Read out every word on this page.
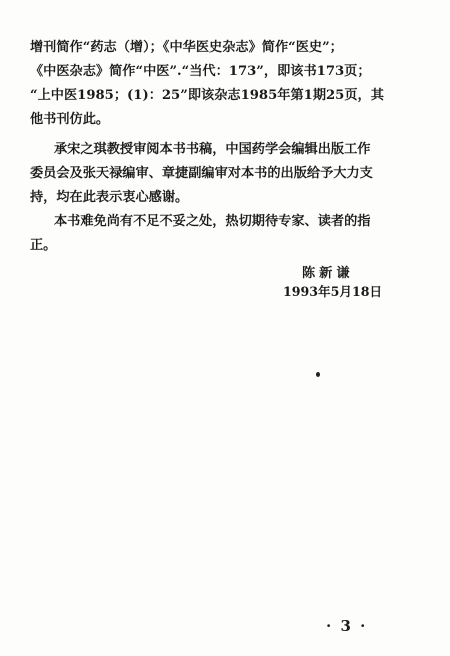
增刊简作“药志（增）；《中华医史杂志》简作“医史”；
《中医杂志》简作“中医”.“当代：173”，即该书173页；
“上中医1985；(1)：25”即该杂志1985年第1期25页，其
他书刊仿此。
承宋之琪教授审阅本书书稿，中国药学会编辑出版工作
委员会及张天禄编审、章捷副编审对本书的出版给予大力支
持，均在此表示衷心感谢。
本书难免尚有不足不妥之处，热切期待专家、读者的指
正。
陈新谦
1993年5月18日
· 3 ·
